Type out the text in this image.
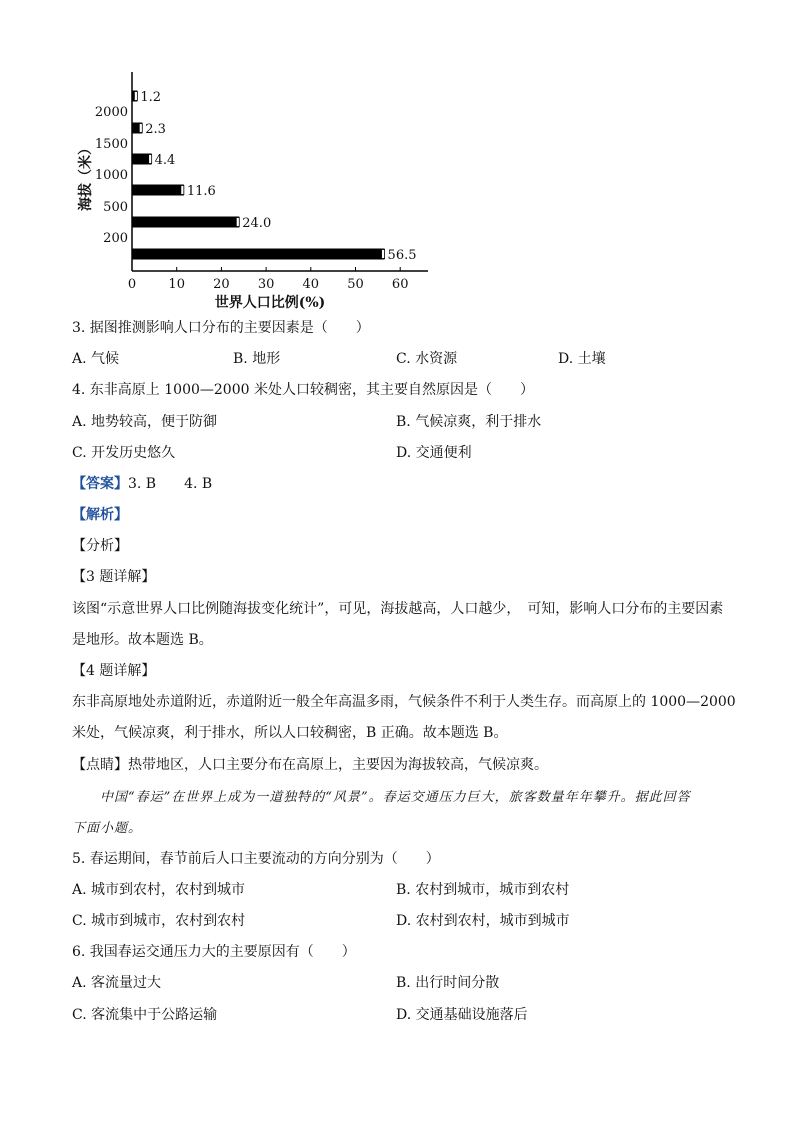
0 10 20 30 40 50 60
2000
1500
1000
500
200
海拔（米）
世界人口比例(%)
1.2
2.3
4.4
11.6
24.0
56.5
3. 据图推测影响人口分布的主要因素是（　　）
A. 气候	B. 地形	C. 水资源	D. 土壤
4. 东非高原上 1000—2000 米处人口较稠密，其主要自然原因是（　　）
A. 地势较高，便于防御	B. 气候凉爽，利于排水
C. 开发历史悠久	D. 交通便利
【答案】3. B　　4. B
【解析】
【分析】
【3 题详解】
该图“示意世界人口比例随海拔变化统计”，可见，海拔越高，人口越少，　可知，影响人口分布的主要因素
是地形。故本题选 B。
【4 题详解】
东非高原地处赤道附近，赤道附近一般全年高温多雨，气候条件不利于人类生存。而高原上的 1000—2000
米处，气候凉爽，利于排水，所以人口较稠密，B 正确。故本题选 B。
【点睛】热带地区，人口主要分布在高原上，主要因为海拔较高，气候凉爽。
中国“春运”在世界上成为一道独特的“风景”。春运交通压力巨大，旅客数量年年攀升。据此回答
下面小题。
5. 春运期间，春节前后人口主要流动的方向分别为（　　）
A. 城市到农村，农村到城市	B. 农村到城市，城市到农村
C. 城市到城市，农村到农村	D. 农村到农村，城市到城市
6. 我国春运交通压力大的主要原因有（　　）
A. 客流量过大	B. 出行时间分散
C. 客流集中于公路运输	D. 交通基础设施落后
